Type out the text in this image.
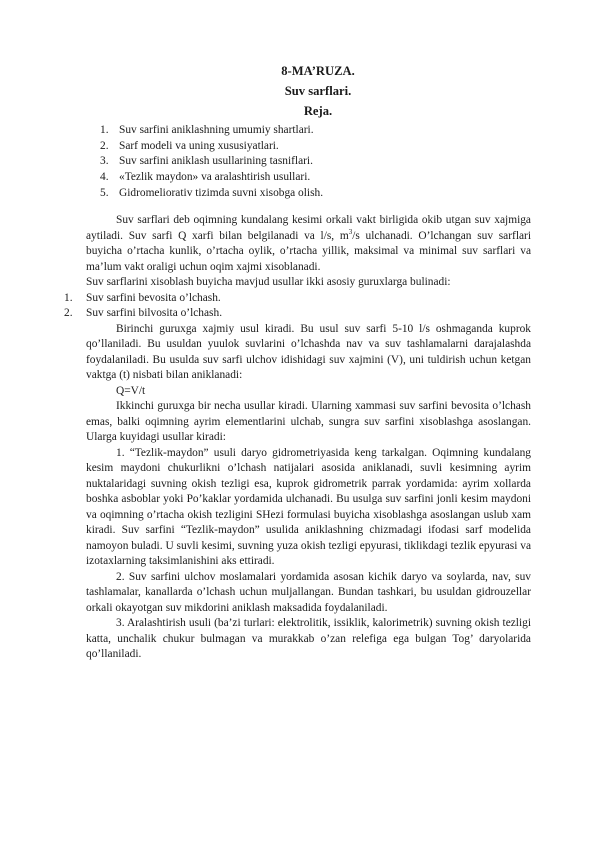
8-MA’RUZA.
Suv sarflari.
Reja.
1. Suv sarfini aniklashning umumiy shartlari.
2. Sarf modeli va uning xususiyatlari.
3. Suv sarfini aniklash usullarining tasniflari.
4. «Tezlik maydon» va aralashtirish usullari.
5. Gidromeliorativ tizimda suvni xisobga olish.

Suv sarflari deb oqimning kundalang kesimi orkali vakt birligida okib utgan suv xajmiga aytiladi. Suv sarfi Q xarfi bilan belgilanadi va l/s, $m^3/s$ ulchanadi. O’lchangan suv sarflari buyicha o’rtacha kunlik, o’rtacha oylik, o’rtacha yillik, maksimal va minimal suv sarflari va ma’lum vakt oraligi uchun oqim xajmi xisoblanadi.

Suv sarflarini xisoblash buyicha mavjud usullar ikki asosiy guruxlarga bulinadi:

1. Suv sarfini bevosita o’lchash.

2. Suv sarfini bilvosita o’lchash.

Birinchi guruxga xajmiy usul kiradi. Bu usul suv sarfi 5-10 l/s oshmaganda kuprok qo’llaniladi. Bu usuldan yuulok suvlarini o’lchashda nav va suv tashlamalarni darajalashda foydalaniladi. Bu usulda suv sarfi ulchov idishidagi suv xajmini (V), uni tuldirish uchun ketgan vaktga (t) nisbati bilan aniklanadi:

Q=V/t

Ikkinchi guruxga bir necha usullar kiradi. Ularning xammasi suv sarfini bevosita o’lchash emas, balki oqimning ayrim elementlarini ulchab, sungra suv sarfini xisoblashga asoslangan. Ularga kuyidagi usullar kiradi:

1. “Tezlik-maydon” usuli daryo gidrometriyasida keng tarkalgan. Oqimning kundalang kesim maydoni chukurlikni o’lchash natijalari asosida aniklanadi, suvli kesimning ayrim nuktalaridagi suvning okish tezligi esa, kuprok gidrometrik parrak yordamida: ayrim xollarda boshka asboblar yoki Po’kaklar yordamida ulchanadi. Bu usulga suv sarfini jonli kesim maydoni va oqimning o’rtacha okish tezligini SHezi formulasi buyicha xisoblashga asoslangan uslub xam kiradi. Suv sarfini “Tezlik-maydon” usulida aniklashning chizmadagi ifodasi sarf modelida namoyon buladi. U suvli kesimi, suvning yuza okish tezligi epyurasi, tiklikdagi tezlik epyurasi va izotaxlarning taksimlanishini aks ettiradi.

2. Suv sarfini ulchov moslamalari yordamida asosan kichik daryo va soylarda, nav, suv tashlamalar, kanallarda o’lchash uchun muljallangan. Bundan tashkari, bu usuldan gidrouzellar orkali okayotgan suv mikdorini aniklash maksadida foydalaniladi.

3. Aralashtirish usuli (ba’zi turlari: elektrolitik, issiklik, kalorimetrik) suvning okish tezligi katta, unchalik chukur bulmagan va murakkab o’zan relefiga ega bulgan Tog’ daryolarida qo’llaniladi.
